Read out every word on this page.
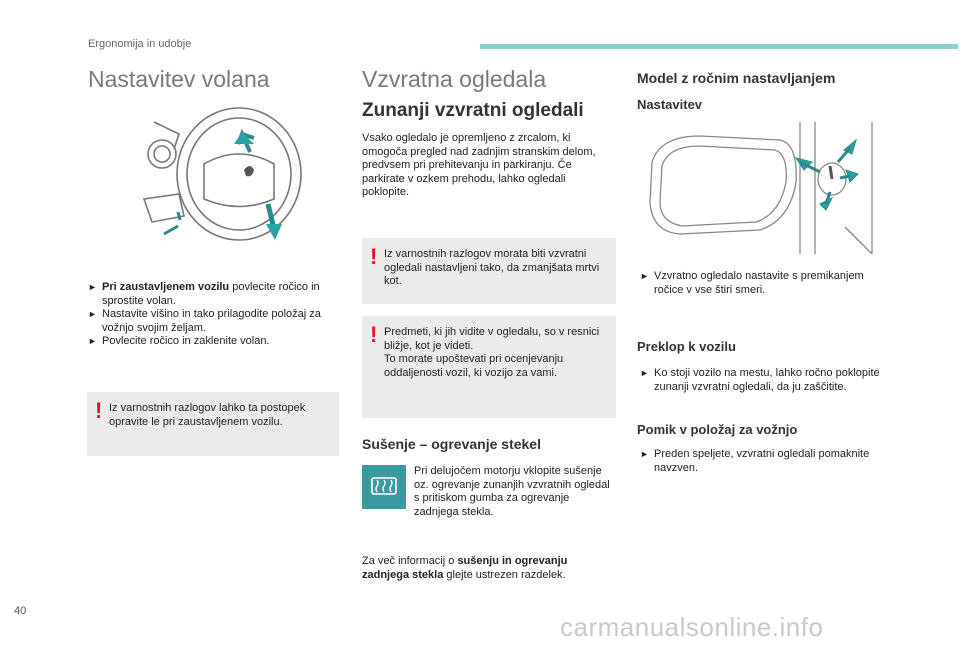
Ergonomija in udobje
Nastavitev volana

► Pri zaustavljenem vozilu povlecite ročico in sprostite volan.

► Nastavite višino in tako prilagodite položaj za vožnjo svojim željam.

► Povlecite ročico in zaklenite volan.

! Iz varnostnih razlogov lahko ta postopek opravite le pri zaustavljenem vozilu.
Vzvratna ogledala
Zunanji vzvratni ogledali
Vsako ogledalo je opremljeno z zrcalom, ki omogoča pregled nad zadnjim stranskim delom, predvsem pri prehitevanju in parkiranju. Če parkirate v ozkem prehodu, lahko ogledali poklopite.
! Iz varnostnih razlogov morata biti vzvratni ogledali nastavljeni tako, da zmanjšata mrtvi kot.
! Predmeti, ki jih vidite v ogledalu, so v resnici bližje, kot je videti.
To morate upoštevati pri ocenjevanju oddaljenosti vozil, ki vozijo za vami.
Sušenje – ogrevanje stekel
Pri delujočem motorju vklopite sušenje oz. ogrevanje zunanjih vzvratnih ogledal s pritiskom gumba za ogrevanje zadnjega stekla.
Za več informacij o sušenju in ogrevanju zadnjega stekla glejte ustrezen razdelek.
Model z ročnim nastavljanjem
Nastavitev

► Vzvratno ogledalo nastavite s premikanjem ročice v vse štiri smeri.

Preklop k vozilu

► Ko stoji vozilo na mestu, lahko ročno poklopite zunanji vzvratni ogledali, da ju zaščitite.

Pomik v položaj za vožnjo

► Preden speljete, vzvratni ogledali pomaknite navzven.

40
carmanualsonline.info
